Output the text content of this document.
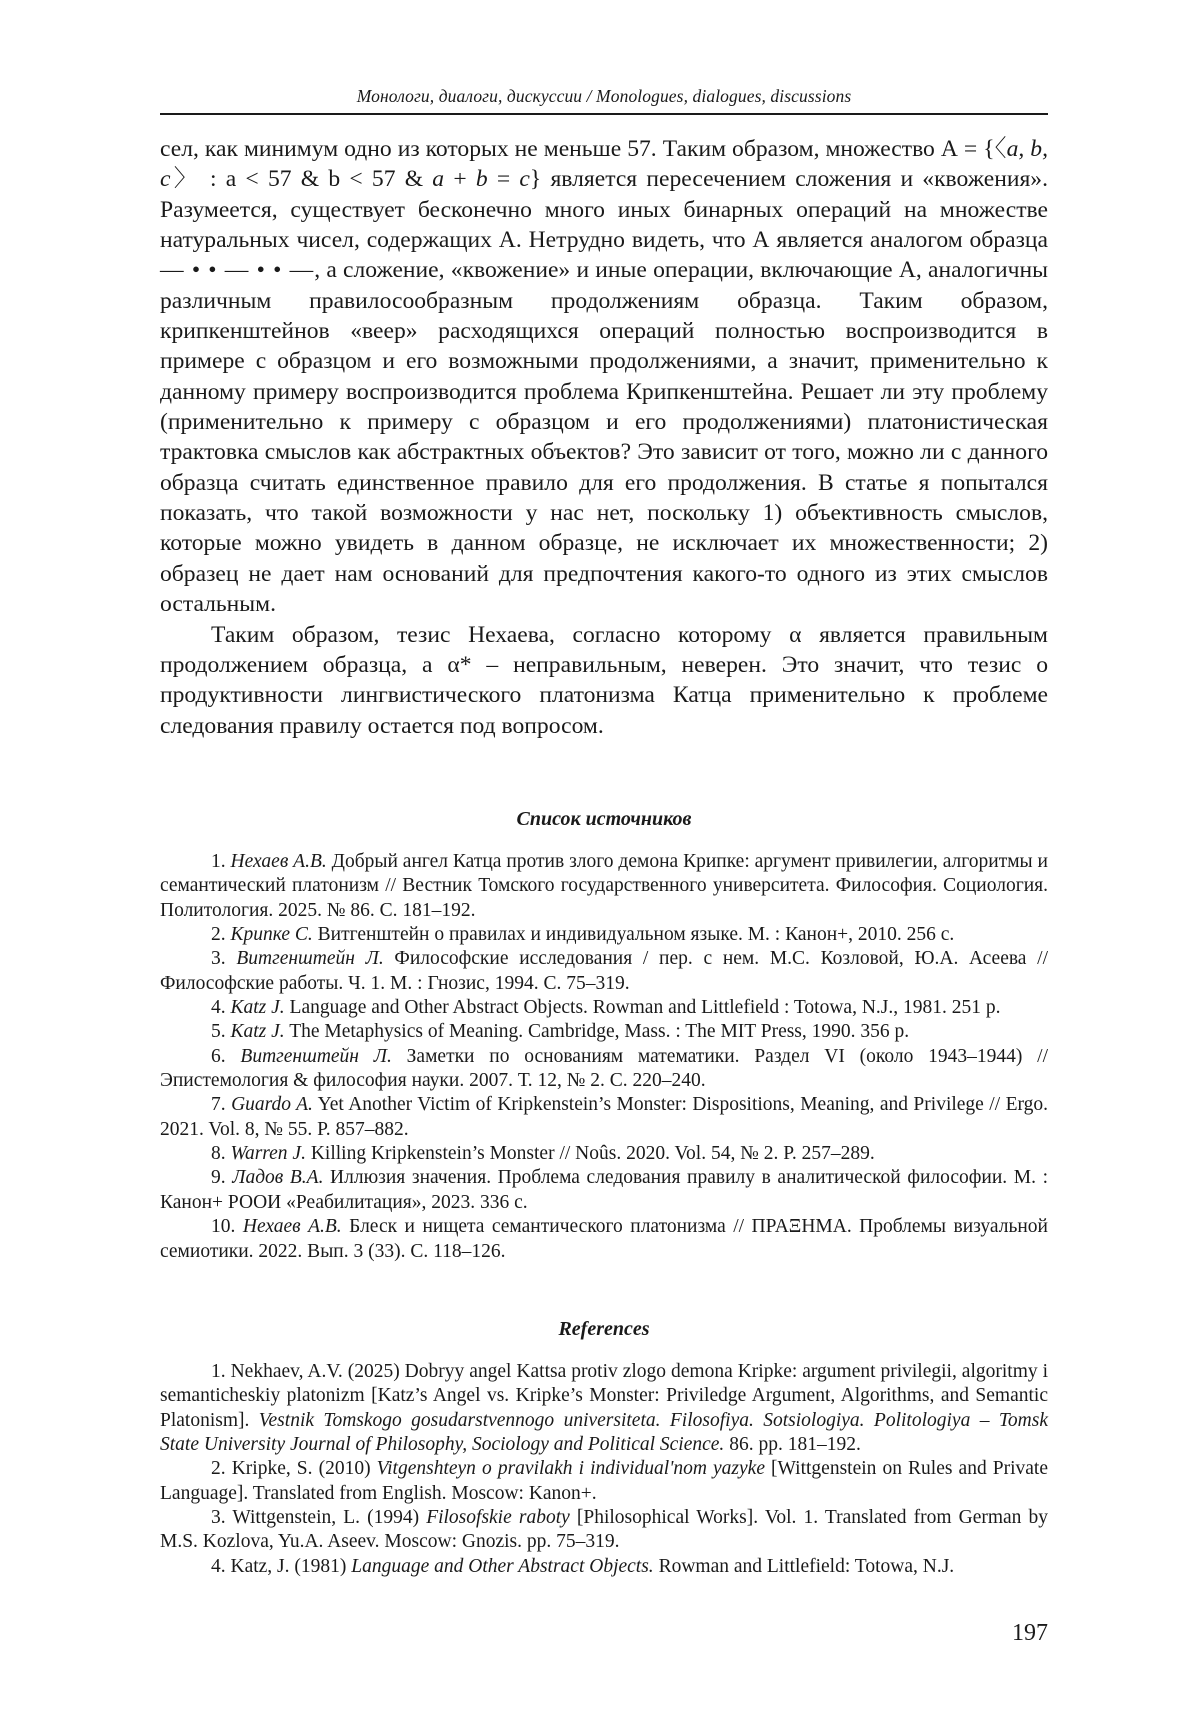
Монологи, диалоги, дискуссии / Monologues, dialogues, discussions

сел, как минимум одно из которых не меньше 57. Таким образом, множество А = {〈a, b, c〉 : a < 57 & b < 57 & a + b = c} является пересечением сложения и «квожения». Разумеется, существует бесконечно много иных бинарных операций на множестве натуральных чисел, содержащих А. Нетрудно видеть, что А является аналогом образца — • • — • • —, а сложение, «квожение» и иные операции, включающие А, аналогичны различным правилосообразным продолжениям образца. Таким образом, крипкенштейнов «веер» расходящихся операций полностью воспроизводится в примере с образцом и его возможными продолжениями, а значит, применительно к данному примеру воспроизводится проблема Крипкенштейна. Решает ли эту проблему (применительно к примеру с образцом и его продолжениями) платонистическая трактовка смыслов как абстрактных объектов? Это зависит от того, можно ли с данного образца считать единственное правило для его продолжения. В статье я попытался показать, что такой возможности у нас нет, поскольку 1) объективность смыслов, которые можно увидеть в данном образце, не исключает их множественности; 2) образец не дает нам оснований для предпочтения какого-то одного из этих смыслов остальным.

Таким образом, тезис Нехаева, согласно которому α является правильным продолжением образца, а α* – неправильным, неверен. Это значит, что тезис о продуктивности лингвистического платонизма Катца применительно к проблеме следования правилу остается под вопросом.

Список источников

1. Нехаев А.В. Добрый ангел Катца против злого демона Крипке: аргумент привилегии, алгоритмы и семантический платонизм // Вестник Томского государственного университета. Философия. Социология. Политология. 2025. № 86. С. 181–192.

2. Крипке С. Витгенштейн о правилах и индивидуальном языке. М. : Канон+, 2010. 256 с.

3. Витгенштейн Л. Философские исследования / пер. с нем. М.С. Козловой, Ю.А. Асеева // Философские работы. Ч. 1. М. : Гнозис, 1994. С. 75–319.

4. Katz J. Language and Other Abstract Objects. Rowman and Littlefield : Totowa, N.J., 1981. 251 p.

5. Katz J. The Metaphysics of Meaning. Cambridge, Mass. : The MIT Press, 1990. 356 p.

6. Витгенштейн Л. Заметки по основаниям математики. Раздел VI (около 1943–1944) // Эпистемология & философия науки. 2007. Т. 12, № 2. С. 220–240.

7. Guardo A. Yet Another Victim of Kripkenstein’s Monster: Dispositions, Meaning, and Privilege // Ergo. 2021. Vol. 8, № 55. P. 857–882.

8. Warren J. Killing Kripkenstein’s Monster // Noûs. 2020. Vol. 54, № 2. P. 257–289.

9. Ладов В.А. Иллюзия значения. Проблема следования правилу в аналитической философии. М. : Канон+ РООИ «Реабилитация», 2023. 336 с.

10. Нехаев А.В. Блеск и нищета семантического платонизма // ΠΡΑΞΗΜΑ. Проблемы визуальной семиотики. 2022. Вып. 3 (33). С. 118–126.

References

1. Nekhaev, A.V. (2025) Dobryy angel Kattsa protiv zlogo demona Kripke: argument privilegii, algoritmy i semanticheskiy platonizm [Katz’s Angel vs. Kripke’s Monster: Priviledge Argument, Algorithms, and Semantic Platonism]. Vestnik Tomskogo gosudarstvennogo universiteta. Filosofiya. Sotsiologiya. Politologiya – Tomsk State University Journal of Philosophy, Sociology and Political Science. 86. pp. 181–192.

2. Kripke, S. (2010) Vitgenshteyn o pravilakh i individual'nom yazyke [Wittgenstein on Rules and Private Language]. Translated from English. Moscow: Kanon+.

3. Wittgenstein, L. (1994) Filosofskie raboty [Philosophical Works]. Vol. 1. Translated from German by M.S. Kozlova, Yu.A. Aseev. Moscow: Gnozis. pp. 75–319.

4. Katz, J. (1981) Language and Other Abstract Objects. Rowman and Littlefield: Totowa, N.J.

197
